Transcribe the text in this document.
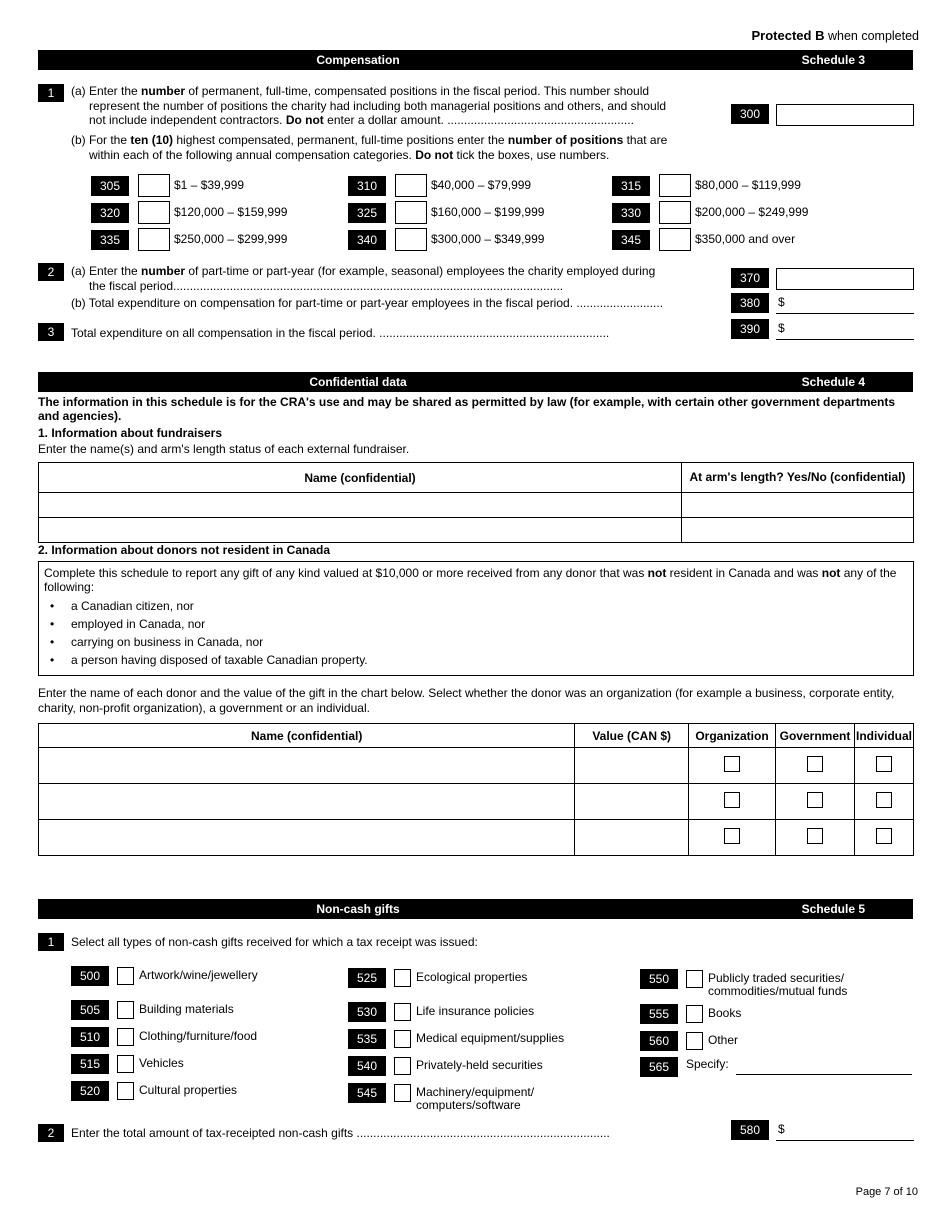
Protected B when completed
Compensation	Schedule 3
1	(a) Enter the number of permanent, full-time, compensated positions in the fiscal period. This number should
represent the number of positions the charity had including both managerial positions and others, and should
not include independent contractors. Do not enter a dollar amount. ........................................................	300
(b) For the ten (10) highest compensated, permanent, full-time positions enter the number of positions that are
within each of the following annual compensation categories. Do not tick the boxes, use numbers.
305	$1 – $39,999	310	$40,000 – $79,999	315	$80,000 – $119,999
320	$120,000 – $159,999	325	$160,000 – $199,999	330	$200,000 – $249,999
335	$250,000 – $299,999	340	$300,000 – $349,999	345	$350,000 and over
2	(a) Enter the number of part-time or part-year (for example, seasonal) employees the charity employed during
the fiscal period.....................................................................................................................
370
(b) Total expenditure on compensation for part-time or part-year employees in the fiscal period. ..........................	380	$
3	Total expenditure on all compensation in the fiscal period. .....................................................................	390	$
Confidential data	Schedule 4
The information in this schedule is for the CRA's use and may be shared as permitted by law (for example, with certain other government departments and agencies).
1. Information about fundraisers
Enter the name(s) and arm's length status of each external fundraiser.
Name (confidential)	At arm's length? Yes/No (confidential)

2. Information about donors not resident in Canada
Complete this schedule to report any gift of any kind valued at $10,000 or more received from any donor that was not resident in Canada and was not any of the following:
• a Canadian citizen, nor
• employed in Canada, nor
• carrying on business in Canada, nor
• a person having disposed of taxable Canadian property.
Enter the name of each donor and the value of the gift in the chart below. Select whether the donor was an organization (for example a business, corporate entity, charity, non-profit organization), a government or an individual.
Name (confidential)	Value (CAN $)	Organization	Government	Individual

Non-cash gifts	Schedule 5
1	Select all types of non-cash gifts received for which a tax receipt was issued:
500	Artwork/wine/jewellery
505	Building materials
510	Clothing/furniture/food
515	Vehicles
520	Cultural properties
525	Ecological properties
530	Life insurance policies
535	Medical equipment/supplies
540	Privately-held securities
545	Machinery/equipment/
computers/software
550	Publicly traded securities/
commodities/mutual funds
555	Books
560	Other
565	Specify:
2	Enter the total amount of tax-receipted non-cash gifts ............................................................................	580	$
Page 7 of 10
